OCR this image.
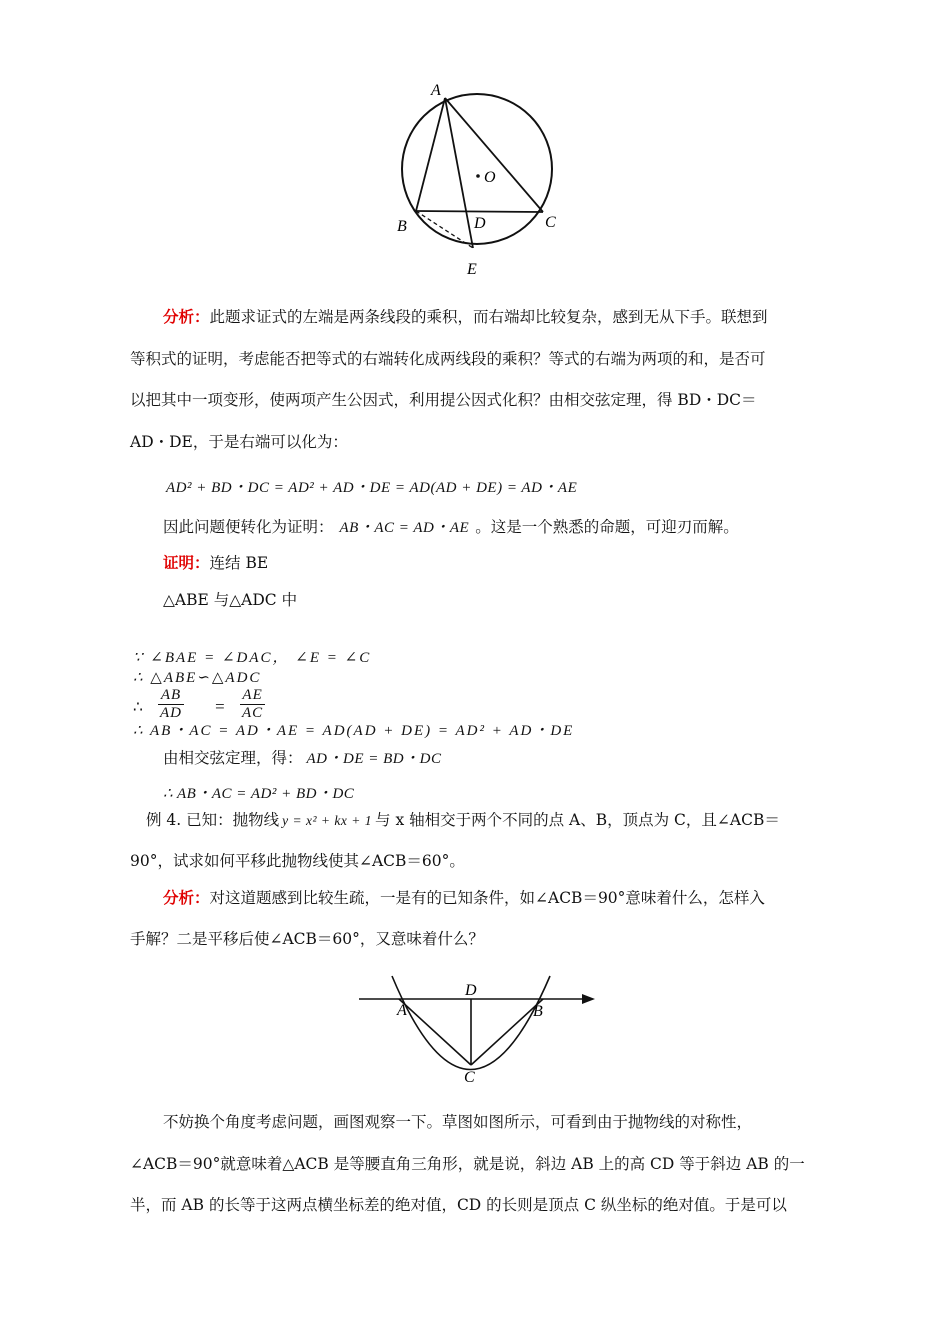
A
O
B	D	C
E
分析：此题求证式的左端是两条线段的乘积，而右端却比较复杂，感到无从下手。联想到
等积式的证明，考虑能否把等式的右端转化成两线段的乘积？等式的右端为两项的和，是否可
以把其中一项变形，使两项产生公因式，利用提公因式化积？由相交弦定理，得 BD・DC＝
AD・DE，于是右端可以化为：
AD² + BD・DC = AD² + AD・DE = AD(AD + DE) = AD・AE
因此问题便转化为证明： AB・AC = AD・AE 。这是一个熟悉的命题，可迎刃而解。
证明：连结 BE
△ABE 与△ADC 中
∵ ∠BAE = ∠DAC， ∠E = ∠C
∴ △ABE∽△ADC
∴ $\frac{AB}{AD} = \frac{AE}{AC}$
∴ AB・AC = AD・AE = AD(AD + DE) = AD² + AD・DE
由相交弦定理，得： AD・DE = BD・DC
∴ AB・AC = AD² + BD・DC
例 4. 已知：抛物线 y = x² + kx + 1 与 x 轴相交于两个不同的点 A、B，顶点为 C，且∠ACB＝
90°，试求如何平移此抛物线使其∠ACB＝60°。
分析：对这道题感到比较生疏，一是有的已知条件，如∠ACB＝90°意味着什么，怎样入
手解？二是平移后使∠ACB＝60°，又意味着什么？
D
A	B
C
不妨换个角度考虑问题，画图观察一下。草图如图所示，可看到由于抛物线的对称性，
∠ACB＝90°就意味着△ACB 是等腰直角三角形，就是说，斜边 AB 上的高 CD 等于斜边 AB 的一
半，而 AB 的长等于这两点横坐标差的绝对值，CD 的长则是顶点 C 纵坐标的绝对值。于是可以
